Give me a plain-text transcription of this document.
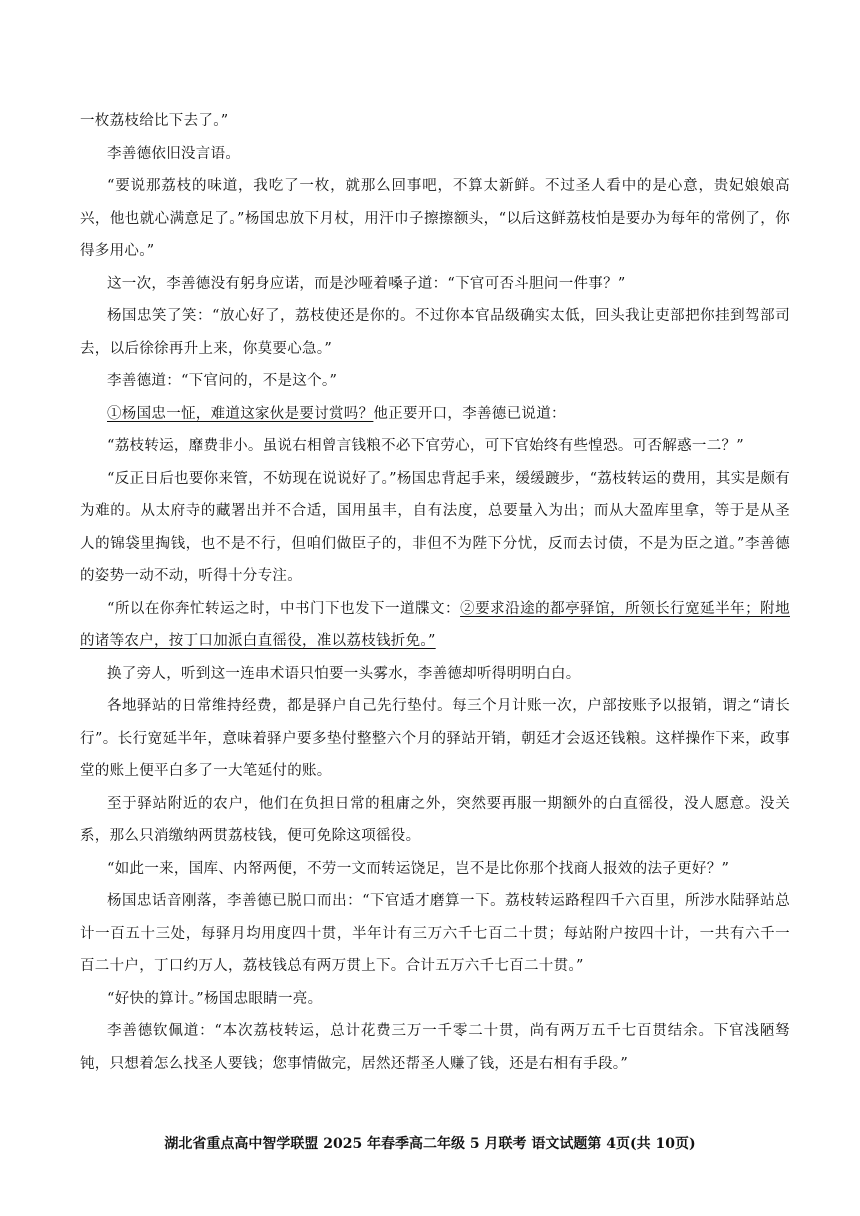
一枚荔枝给比下去了。”

李善德依旧没言语。

“要说那荔枝的味道，我吃了一枚，就那么回事吧，不算太新鲜。不过圣人看中的是心意，贵妃娘娘高兴，他也就心满意足了。”杨国忠放下月杖，用汗巾子擦擦额头，“以后这鲜荔枝怕是要办为每年的常例了，你得多用心。”

这一次，李善德没有躬身应诺，而是沙哑着嗓子道：“下官可否斗胆问一件事？”

杨国忠笑了笑：“放心好了，荔枝使还是你的。不过你本官品级确实太低，回头我让吏部把你挂到驾部司去，以后徐徐再升上来，你莫要心急。”

李善德道：“下官问的，不是这个。”

①杨国忠一怔，难道这家伙是要讨赏吗？他正要开口，李善德已说道：

“荔枝转运，靡费非小。虽说右相曾言钱粮不必下官劳心，可下官始终有些惶恐。可否解惑一二？”

“反正日后也要你来管，不妨现在说说好了。”杨国忠背起手来，缓缓踱步，“荔枝转运的费用，其实是颇有为难的。从太府寺的藏署出并不合适，国用虽丰，自有法度，总要量入为出；而从大盈库里拿，等于是从圣人的锦袋里掏钱，也不是不行，但咱们做臣子的，非但不为陛下分忧，反而去讨债，不是为臣之道。”李善德的姿势一动不动，听得十分专注。

“所以在你奔忙转运之时，中书门下也发下一道牒文：②要求沿途的都亭驿馆，所领长行宽延半年；附地的诸等农户，按丁口加派白直徭役，准以荔枝钱折免。”

换了旁人，听到这一连串术语只怕要一头雾水，李善德却听得明明白白。

各地驿站的日常维持经费，都是驿户自己先行垫付。每三个月计账一次，户部按账予以报销，谓之“请长行”。长行宽延半年，意味着驿户要多垫付整整六个月的驿站开销，朝廷才会返还钱粮。这样操作下来，政事堂的账上便平白多了一大笔延付的账。

至于驿站附近的农户，他们在负担日常的租庸之外，突然要再服一期额外的白直徭役，没人愿意。没关系，那么只消缴纳两贯荔枝钱，便可免除这项徭役。

“如此一来，国库、内帑两便，不劳一文而转运饶足，岂不是比你那个找商人报效的法子更好？”

杨国忠话音刚落，李善德已脱口而出：“下官适才磨算一下。荔枝转运路程四千六百里，所涉水陆驿站总计一百五十三处，每驿月均用度四十贯，半年计有三万六千七百二十贯；每站附户按四十计，一共有六千一百二十户，丁口约万人，荔枝钱总有两万贯上下。合计五万六千七百二十贯。”

“好快的算计。”杨国忠眼睛一亮。

李善德钦佩道：“本次荔枝转运，总计花费三万一千零二十贯，尚有两万五千七百贯结余。下官浅陋驽钝，只想着怎么找圣人要钱；您事情做完，居然还帮圣人赚了钱，还是右相有手段。”

湖北省重点高中智学联盟 2025 年春季高二年级 5 月联考 语文试题第 4页(共 10页)
